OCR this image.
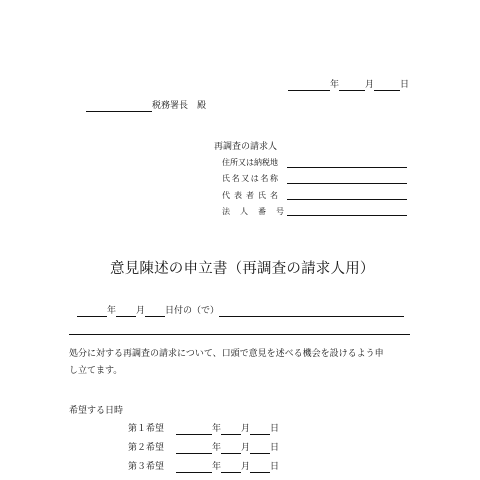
年	月	日
税務署長　殿
再調査の請求人
住所又は納税地
氏名又は名称
代表者氏名
法人番号
意見陳述の申立書（再調査の請求人用）
年 月 日付の（で）
処分に対する再調査の請求について、口頭で意見を述べる機会を設けるよう申
し立てます。
希望する日時
第１希望	年 月 日
第２希望	年 月 日
第３希望	年 月 日
